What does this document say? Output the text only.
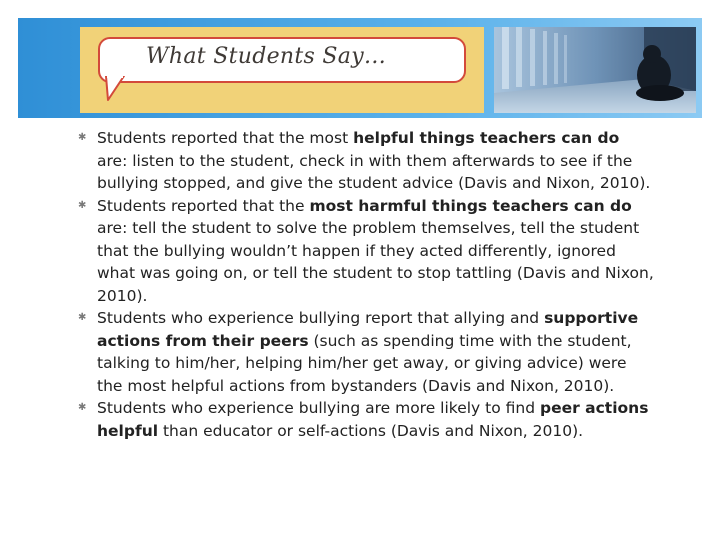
What Students Say…
✱ Students reported that the most helpful things teachers can do are: listen to the student, check in with them afterwards to see if the bullying stopped, and give the student advice (Davis and Nixon, 2010).
✱ Students reported that the most harmful things teachers can do are: tell the student to solve the problem themselves, tell the student that the bullying wouldn’t happen if they acted differently, ignored what was going on, or tell the student to stop tattling (Davis and Nixon, 2010).
✱ Students who experience bullying report that allying and supportive actions from their peers (such as spending time with the student, talking to him/her, helping him/her get away, or giving advice) were the most helpful actions from bystanders (Davis and Nixon, 2010).
✱ Students who experience bullying are more likely to find peer actions helpful than educator or self-actions (Davis and Nixon, 2010).
